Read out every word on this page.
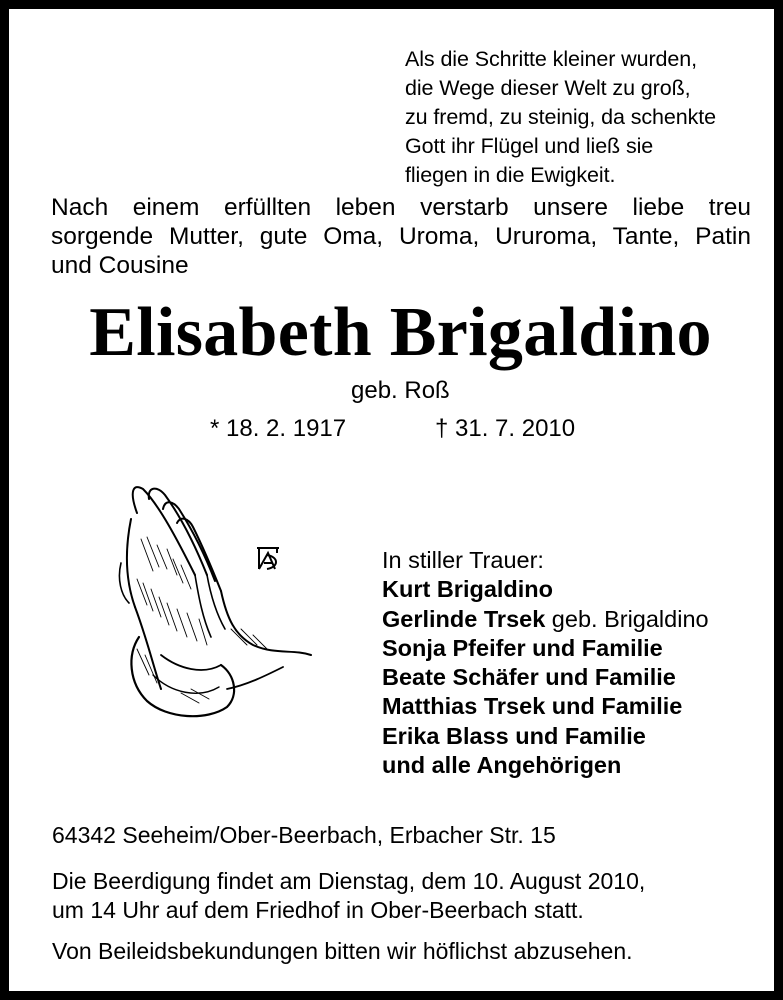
Als die Schritte kleiner wurden,
die Wege dieser Welt zu groß,
zu fremd, zu steinig, da schenkte
Gott ihr Flügel und ließ sie
fliegen in die Ewigkeit.
Nach einem erfüllten leben verstarb unsere liebe treu
sorgende Mutter, gute Oma, Uroma, Ururoma, Tante, Patin
und Cousine
Elisabeth Brigaldino
geb. Roß
* 18. 2. 1917	† 31. 7. 2010
In stiller Trauer:
Kurt Brigaldino
Gerlinde Trsek geb. Brigaldino
Sonja Pfeifer und Familie
Beate Schäfer und Familie
Matthias Trsek und Familie
Erika Blass und Familie
und alle Angehörigen
64342 Seeheim/Ober-Beerbach, Erbacher Str. 15
Die Beerdigung findet am Dienstag, dem 10. August 2010,
um 14 Uhr auf dem Friedhof in Ober-Beerbach statt.
Von Beileidsbekundungen bitten wir höflichst abzusehen.
